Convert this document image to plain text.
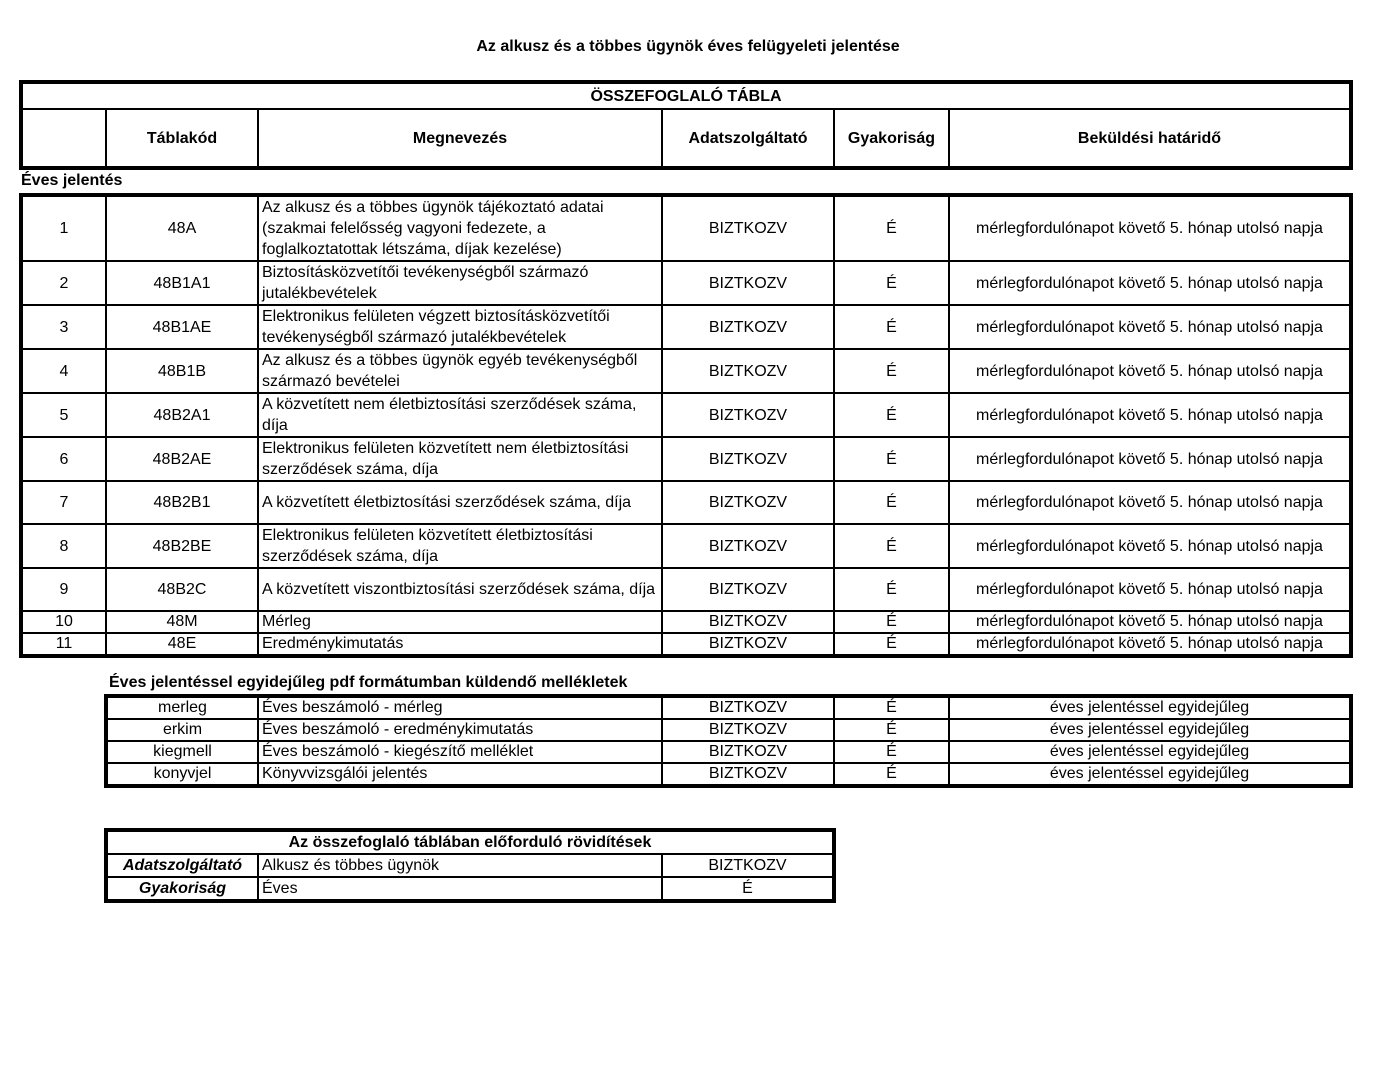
Az alkusz és a többes ügynök éves felügyeleti jelentése
ÖSSZEFOGLALÓ TÁBLA
	Táblakód	Megnevezés	Adatszolgáltató	Gyakoriság	Beküldési határidő
Éves jelentés
1	48A	Az alkusz és a többes ügynök tájékoztató adatai (szakmai felelősség vagyoni fedezete, a foglalkoztatottak létszáma, díjak kezelése)	BIZTKOZV	É	mérlegfordulónapot követő 5. hónap utolsó napja
2	48B1A1	Biztosításközvetítői tevékenységből származó jutalékbevételek	BIZTKOZV	É	mérlegfordulónapot követő 5. hónap utolsó napja
3	48B1AE	Elektronikus felületen végzett biztosításközvetítői tevékenységből származó jutalékbevételek	BIZTKOZV	É	mérlegfordulónapot követő 5. hónap utolsó napja
4	48B1B	Az alkusz és a többes ügynök egyéb tevékenységből származó bevételei	BIZTKOZV	É	mérlegfordulónapot követő 5. hónap utolsó napja
5	48B2A1	A közvetített nem életbiztosítási szerződések száma, díja	BIZTKOZV	É	mérlegfordulónapot követő 5. hónap utolsó napja
6	48B2AE	Elektronikus felületen közvetített nem életbiztosítási szerződések száma, díja	BIZTKOZV	É	mérlegfordulónapot követő 5. hónap utolsó napja
7	48B2B1	A közvetített életbiztosítási szerződések száma, díja	BIZTKOZV	É	mérlegfordulónapot követő 5. hónap utolsó napja
8	48B2BE	Elektronikus felületen közvetített életbiztosítási szerződések száma, díja	BIZTKOZV	É	mérlegfordulónapot követő 5. hónap utolsó napja
9	48B2C	A közvetített viszontbiztosítási szerződések száma, díja	BIZTKOZV	É	mérlegfordulónapot követő 5. hónap utolsó napja
10	48M	Mérleg	BIZTKOZV	É	mérlegfordulónapot követő 5. hónap utolsó napja
11	48E	Eredménykimutatás	BIZTKOZV	É	mérlegfordulónapot követő 5. hónap utolsó napja
Éves jelentéssel egyidejűleg pdf formátumban küldendő mellékletek
merleg	Éves beszámoló - mérleg	BIZTKOZV	É	éves jelentéssel egyidejűleg
erkim	Éves beszámoló - eredménykimutatás	BIZTKOZV	É	éves jelentéssel egyidejűleg
kiegmell	Éves beszámoló - kiegészítő melléklet	BIZTKOZV	É	éves jelentéssel egyidejűleg
konyvjel	Könyvvizsgálói jelentés	BIZTKOZV	É	éves jelentéssel egyidejűleg
Az összefoglaló táblában előforduló rövidítések		
Adatszolgáltató	Alkusz és többes ügynök	BIZTKOZV
Gyakoriság	Éves	É
